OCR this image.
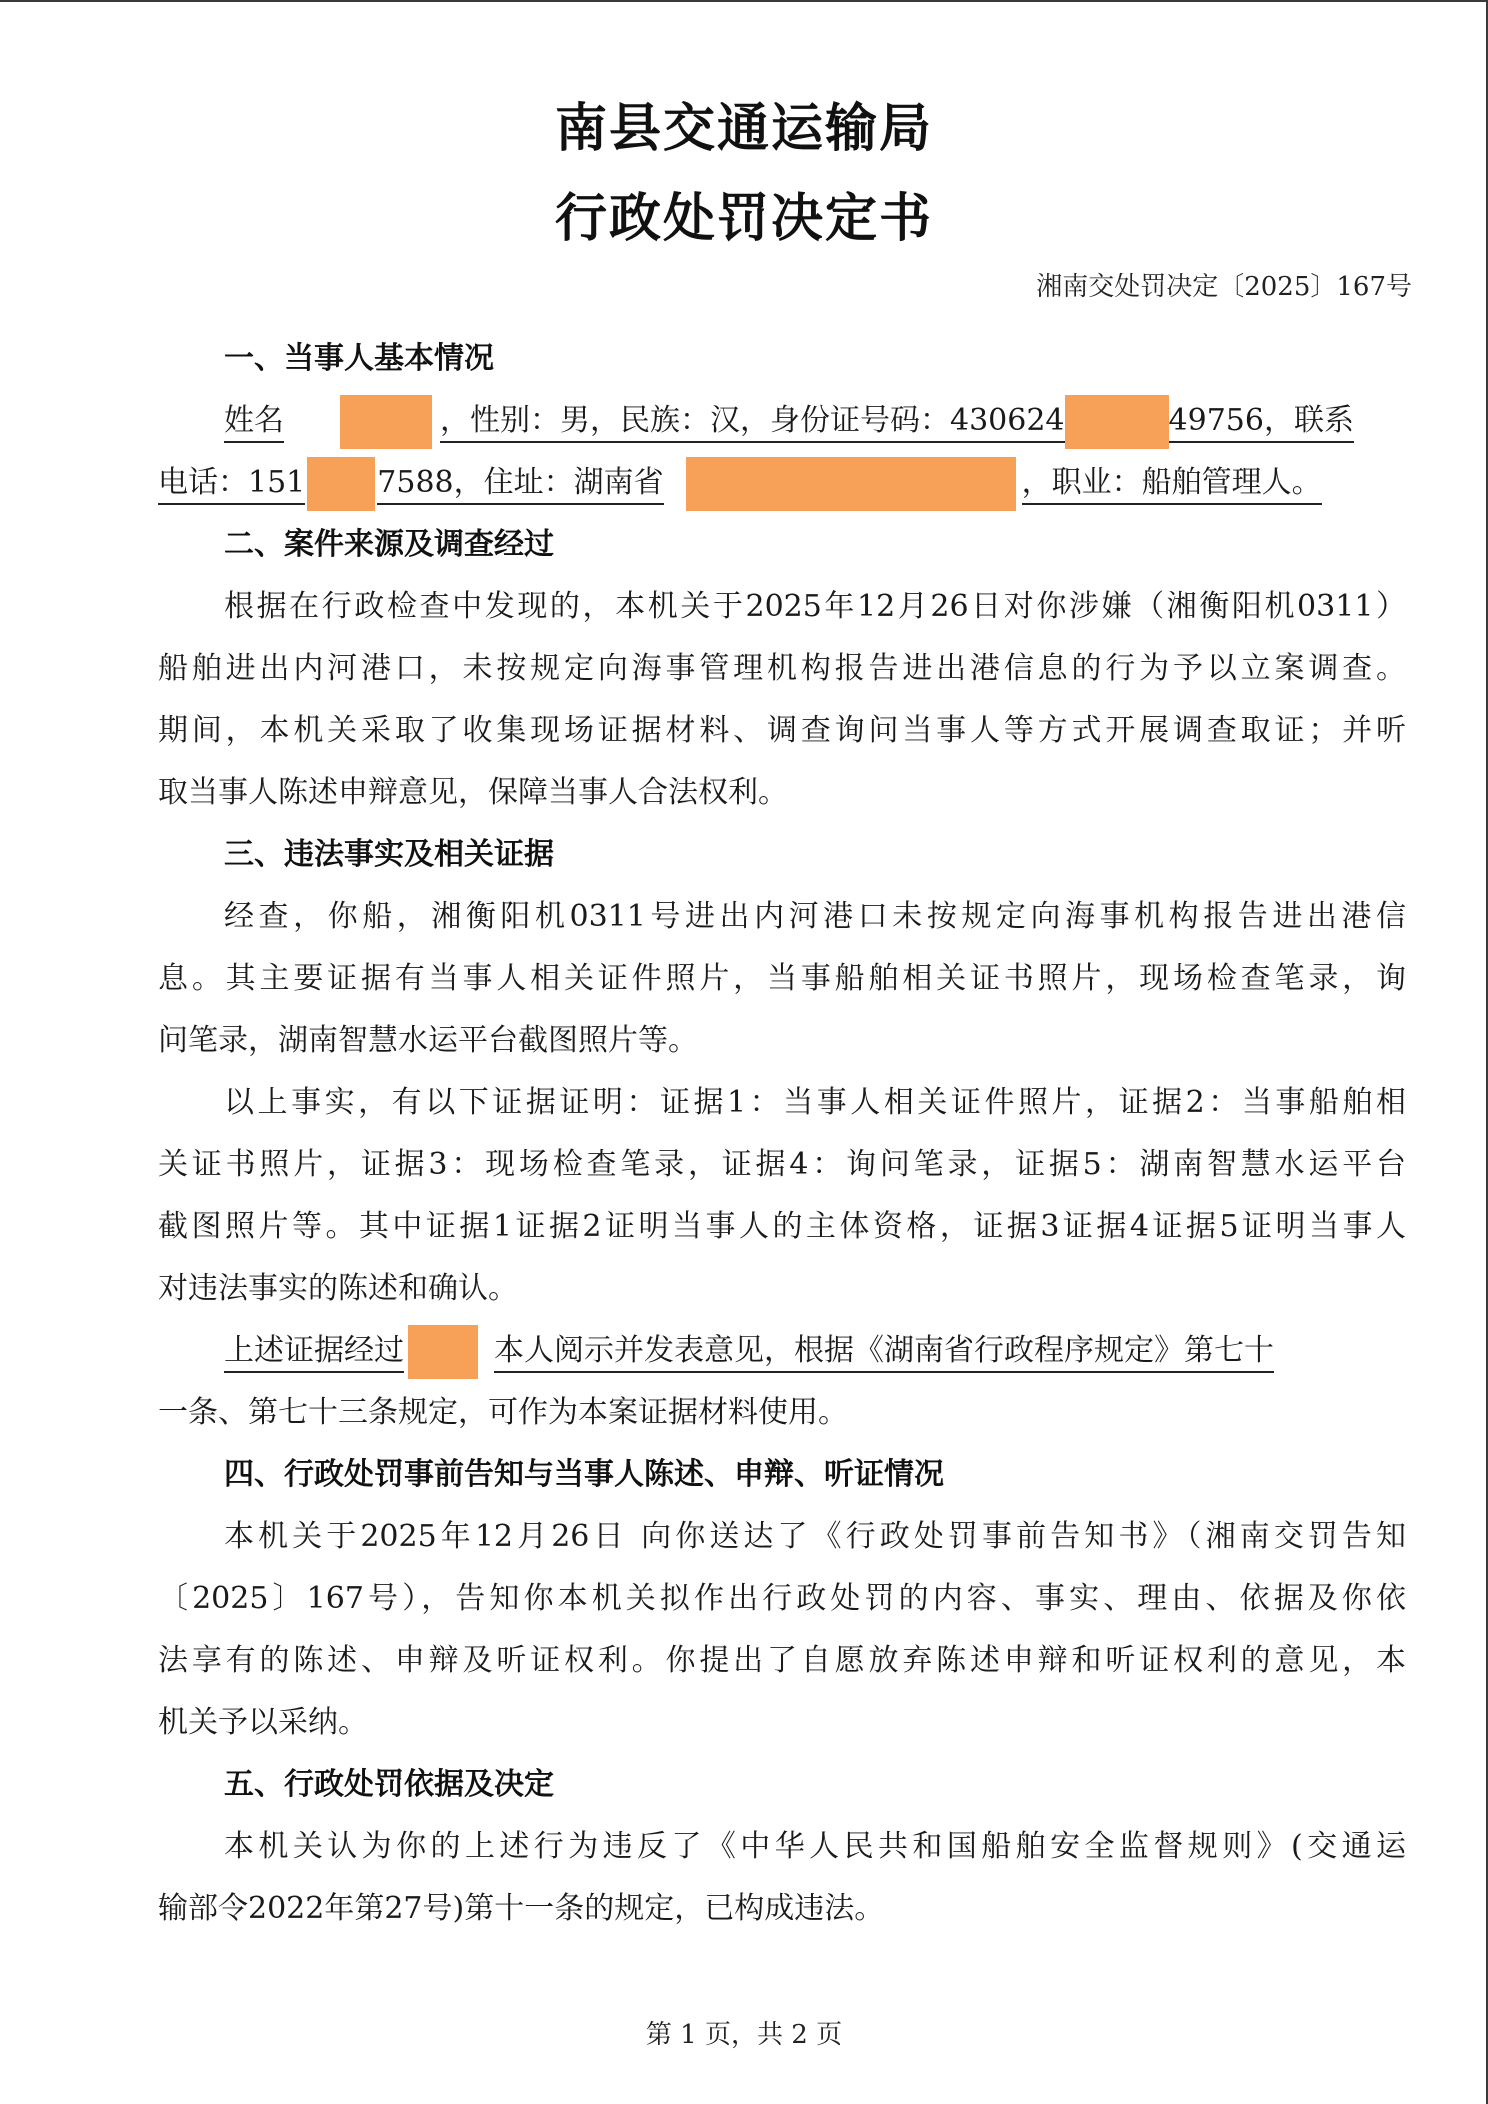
南县交通运输局
行政处罚决定书
湘南交处罚决定〔2025〕167号
一、当事人基本情况
姓名	，性别：男，民族：汉，身份证号码：430624	49756，联系
电话：151 7588，住址：湖南省	，职业：船舶管理人。
二、案件来源及调查经过
根据在行政检查中发现的，本机关于2025年12月26日对你涉嫌（湘衡阳机0311）
船舶进出内河港口，未按规定向海事管理机构报告进出港信息的行为予以立案调查。
期间，本机关采取了收集现场证据材料、调查询问当事人等方式开展调查取证；并听
取当事人陈述申辩意见，保障当事人合法权利。
三、违法事实及相关证据
经查，你船，湘衡阳机0311号进出内河港口未按规定向海事机构报告进出港信
息。其主要证据有当事人相关证件照片，当事船舶相关证书照片，现场检查笔录，询
问笔录，湖南智慧水运平台截图照片等。
以上事实，有以下证据证明：证据1：当事人相关证件照片，证据2：当事船舶相
关证书照片，证据3：现场检查笔录，证据4：询问笔录，证据5：湖南智慧水运平台
截图照片等。其中证据1证据2证明当事人的主体资格，证据3证据4证据5证明当事人
对违法事实的陈述和确认。
上述证据经过	本人阅示并发表意见，根据《湖南省行政程序规定》第七十
一条、第七十三条规定，可作为本案证据材料使用。
四、行政处罚事前告知与当事人陈述、申辩、听证情况
本机关于2025年12月26日 向你送达了《行政处罚事前告知书》（湘南交罚告知
〔2025〕167号），告知你本机关拟作出行政处罚的内容、事实、理由、依据及你依
法享有的陈述、申辩及听证权利。你提出了自愿放弃陈述申辩和听证权利的意见，本
机关予以采纳。
五、行政处罚依据及决定
本机关认为你的上述行为违反了《中华人民共和国船舶安全监督规则》(交通运
输部令2022年第27号)第十一条的规定，已构成违法。
第 1 页，共 2 页
